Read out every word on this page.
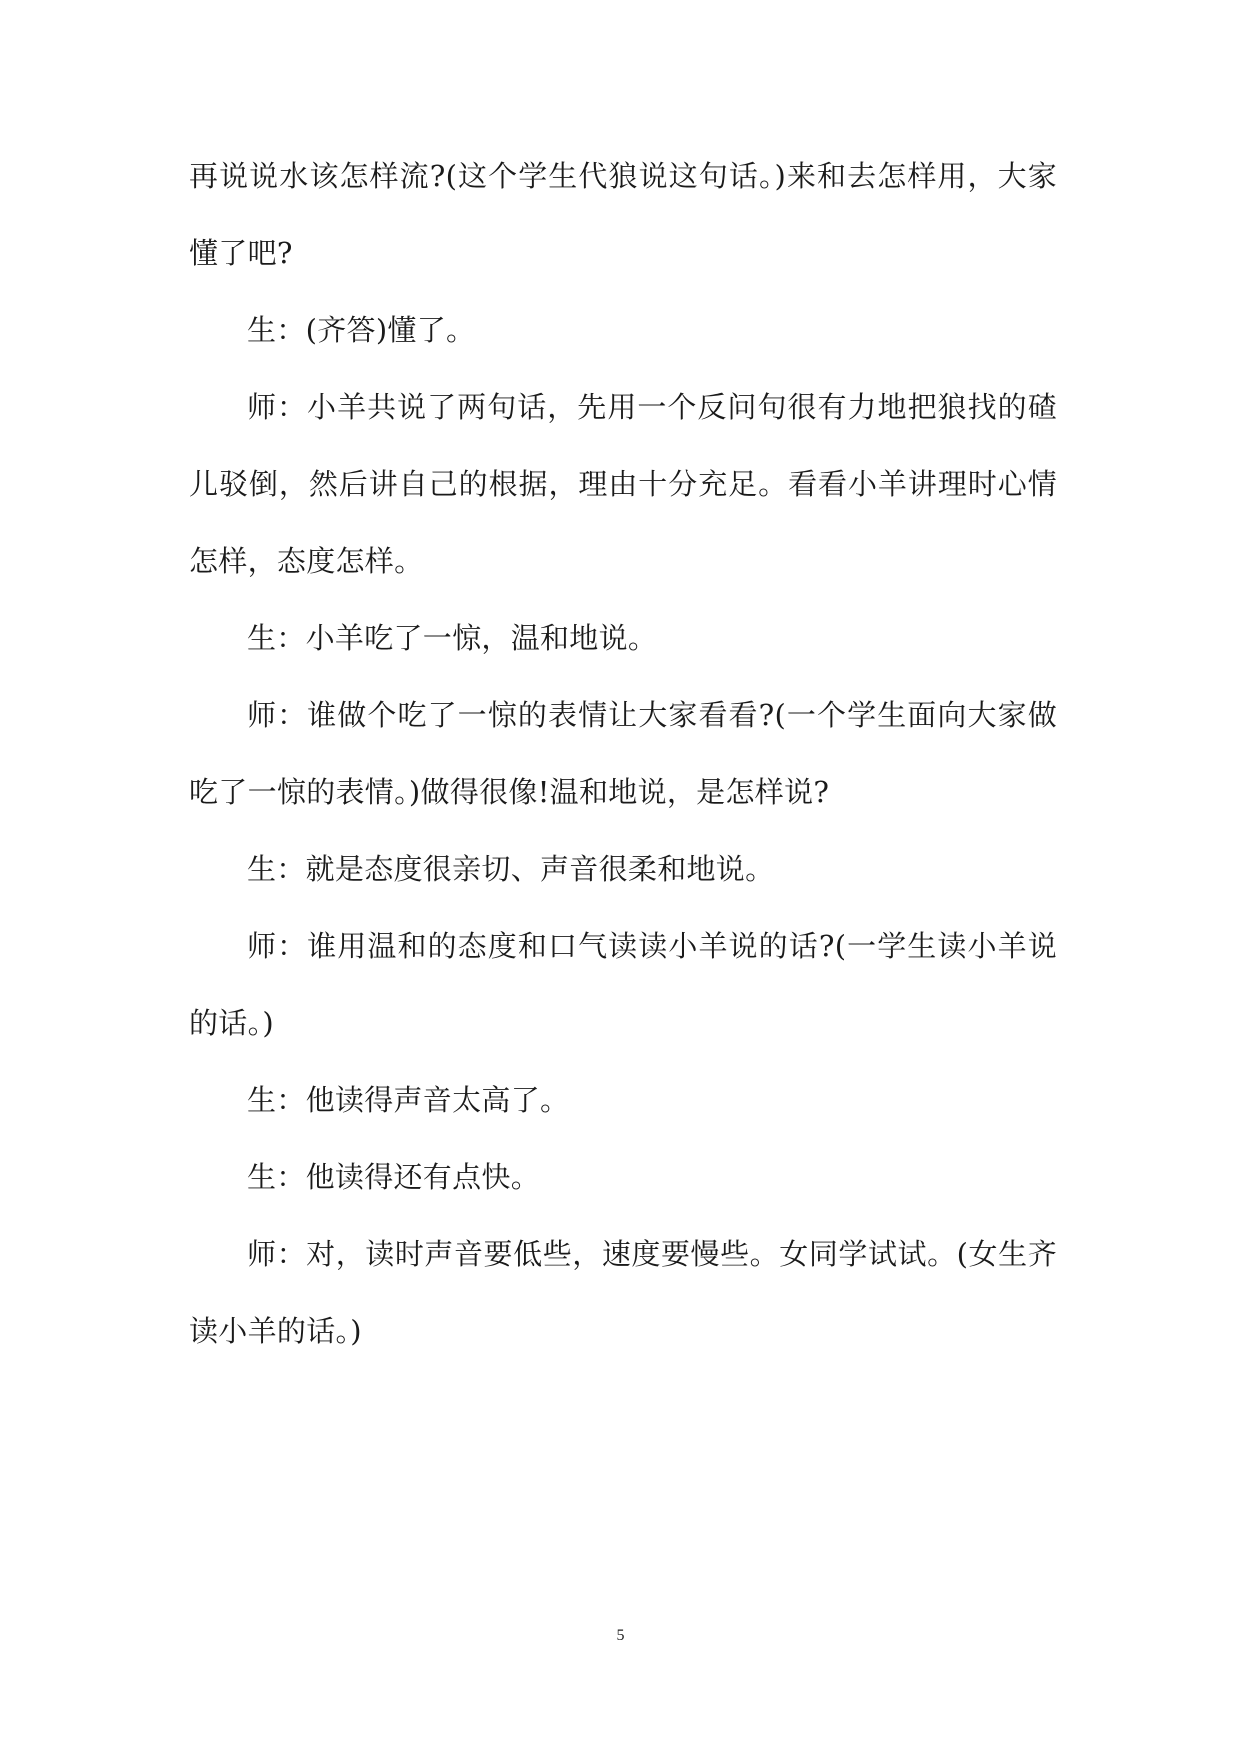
再说说水该怎样流?(这个学生代狼说这句话。)来和去怎样用，大家懂了吧?

生：(齐答)懂了。

师：小羊共说了两句话，先用一个反问句很有力地把狼找的碴儿驳倒，然后讲自己的根据，理由十分充足。看看小羊讲理时心情怎样，态度怎样。

生：小羊吃了一惊，温和地说。

师：谁做个吃了一惊的表情让大家看看?(一个学生面向大家做吃了一惊的表情。)做得很像!温和地说，是怎样说?

生：就是态度很亲切、声音很柔和地说。

师：谁用温和的态度和口气读读小羊说的话?(一学生读小羊说的话。)

生：他读得声音太高了。

生：他读得还有点快。

师：对，读时声音要低些，速度要慢些。女同学试试。(女生齐读小羊的话。)

5
